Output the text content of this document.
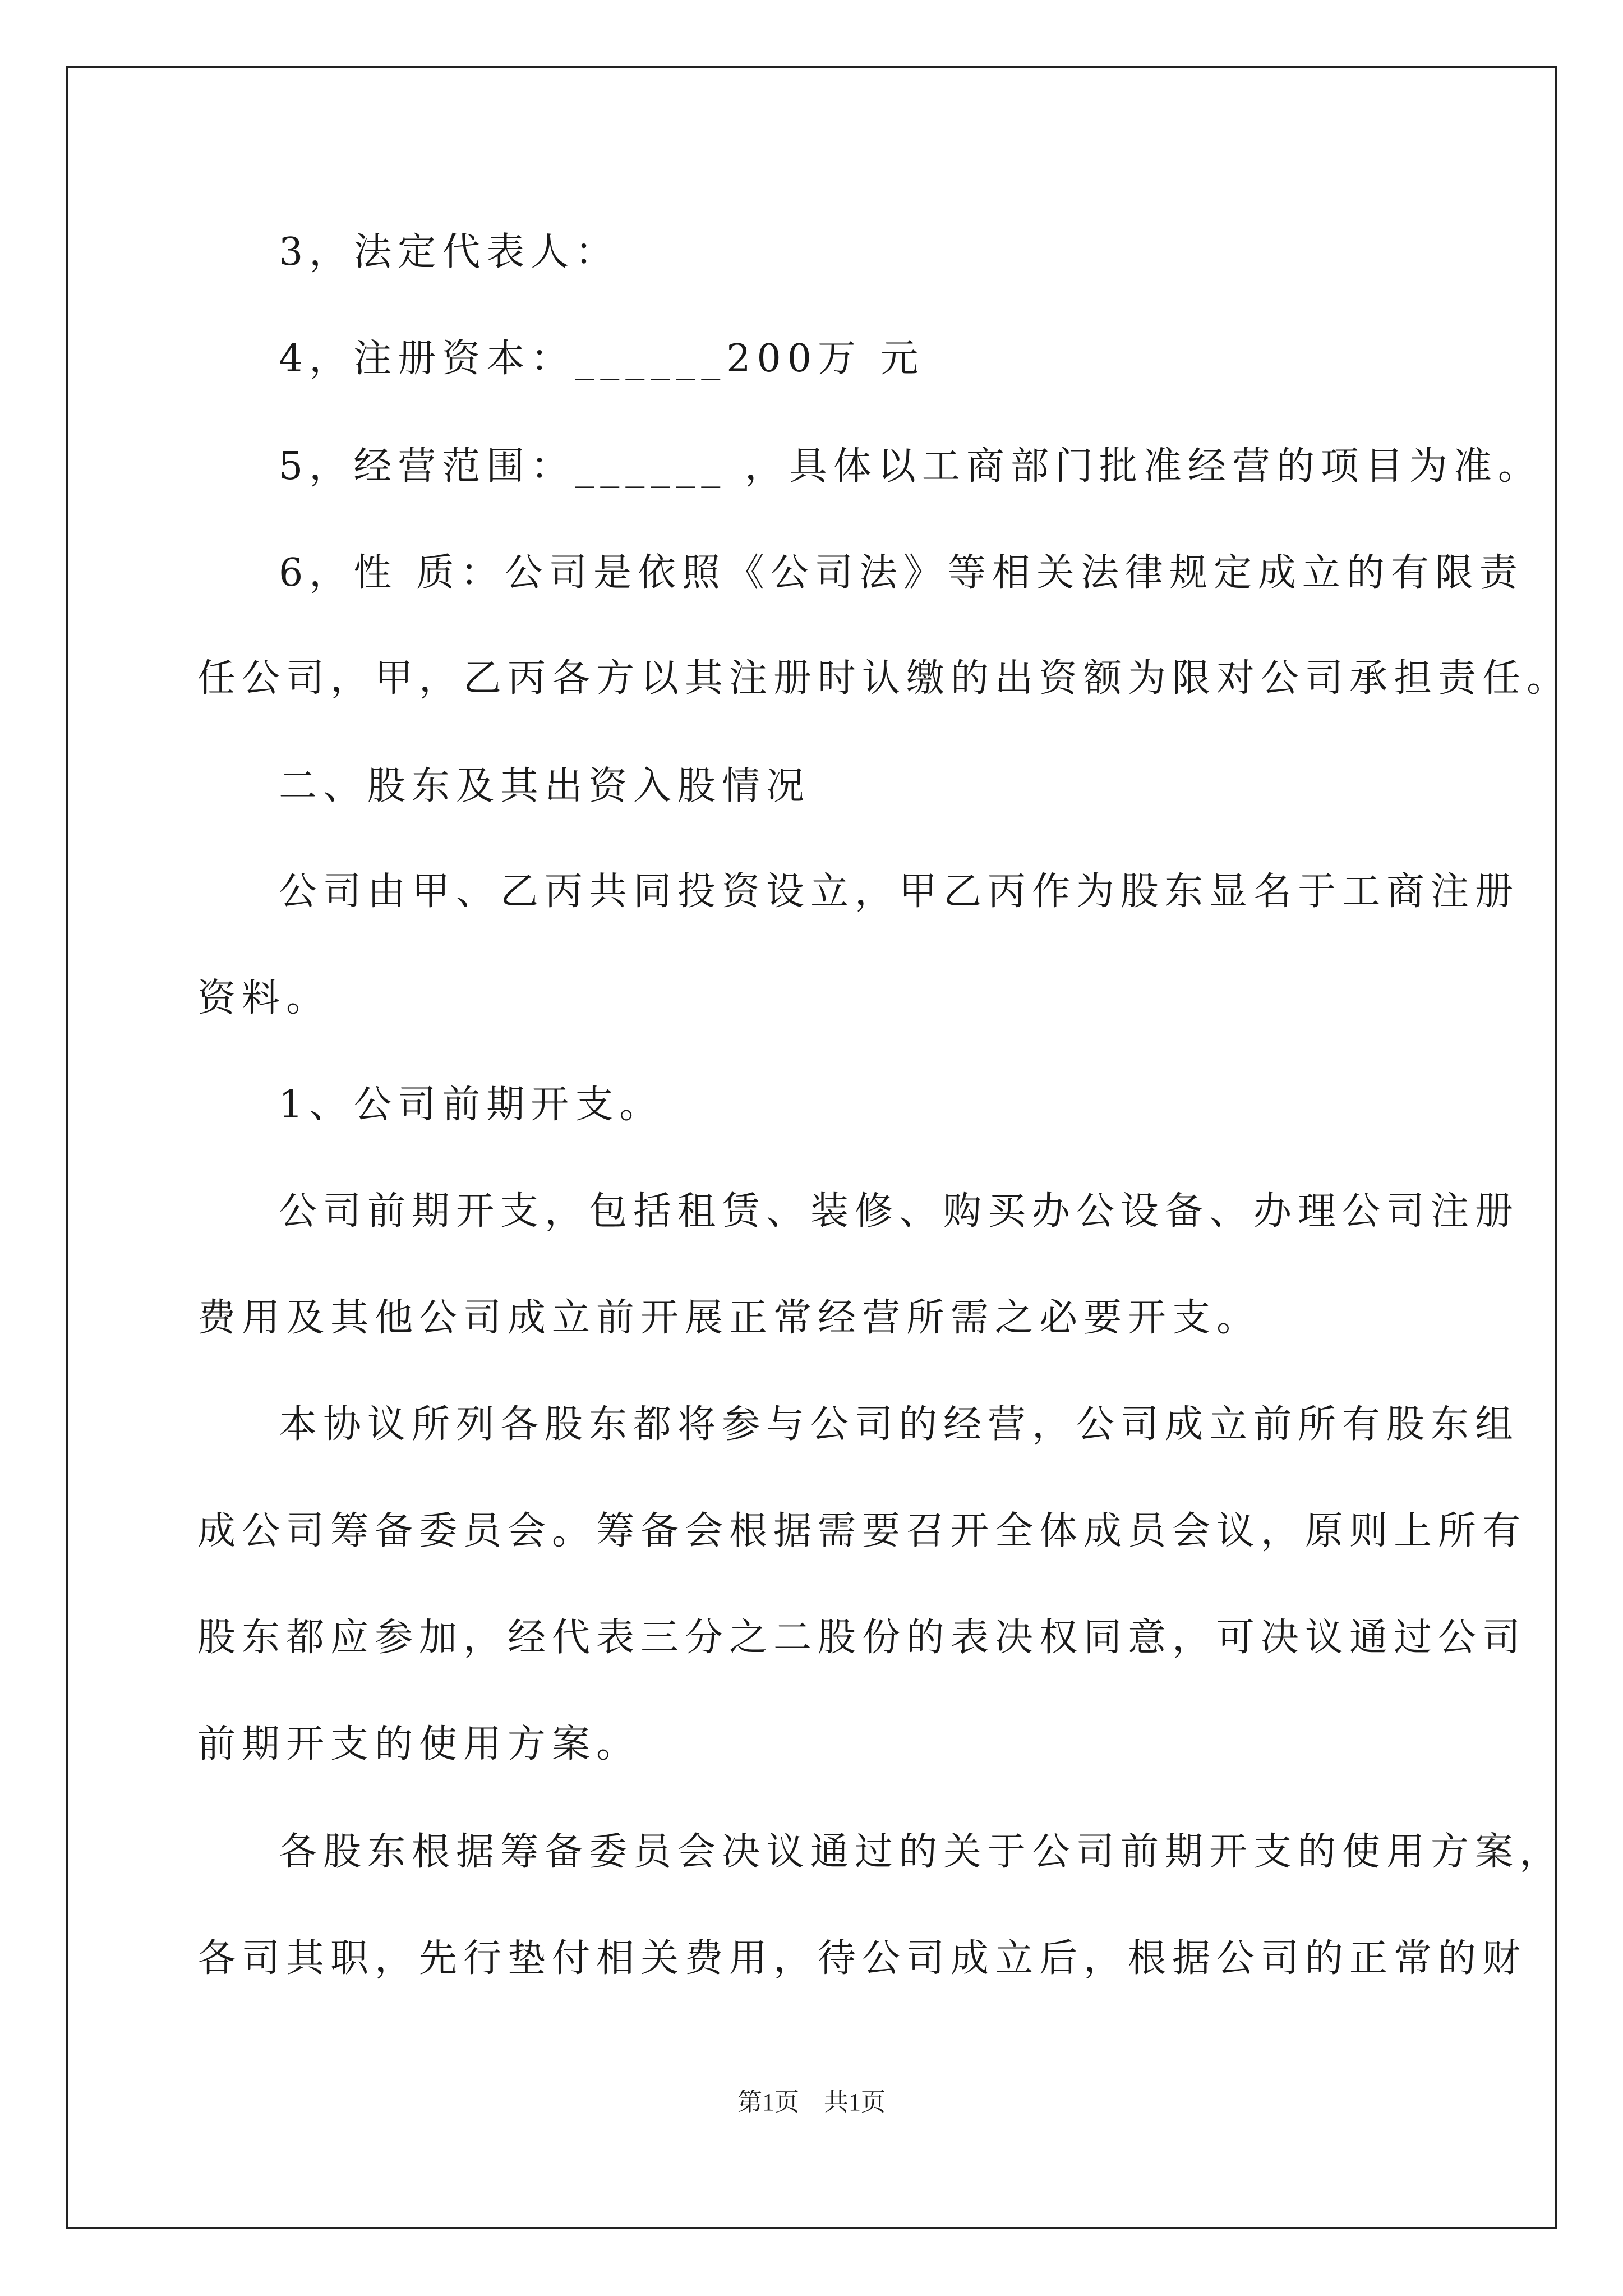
3，法定代表人：
4，注册资本：______200万 元
5，经营范围：______ ，具体以工商部门批准经营的项目为准。
6，性 质：公司是依照《公司法》等相关法律规定成立的有限责
任公司，甲，乙丙各方以其注册时认缴的出资额为限对公司承担责任。
二、股东及其出资入股情况
公司由甲、乙丙共同投资设立，甲乙丙作为股东显名于工商注册
资料。
1、公司前期开支。
公司前期开支，包括租赁、装修、购买办公设备、办理公司注册
费用及其他公司成立前开展正常经营所需之必要开支。
本协议所列各股东都将参与公司的经营，公司成立前所有股东组
成公司筹备委员会。筹备会根据需要召开全体成员会议，原则上所有
股东都应参加，经代表三分之二股份的表决权同意，可决议通过公司
前期开支的使用方案。
各股东根据筹备委员会决议通过的关于公司前期开支的使用方案，
各司其职，先行垫付相关费用，待公司成立后，根据公司的正常的财
第1页　共1页
